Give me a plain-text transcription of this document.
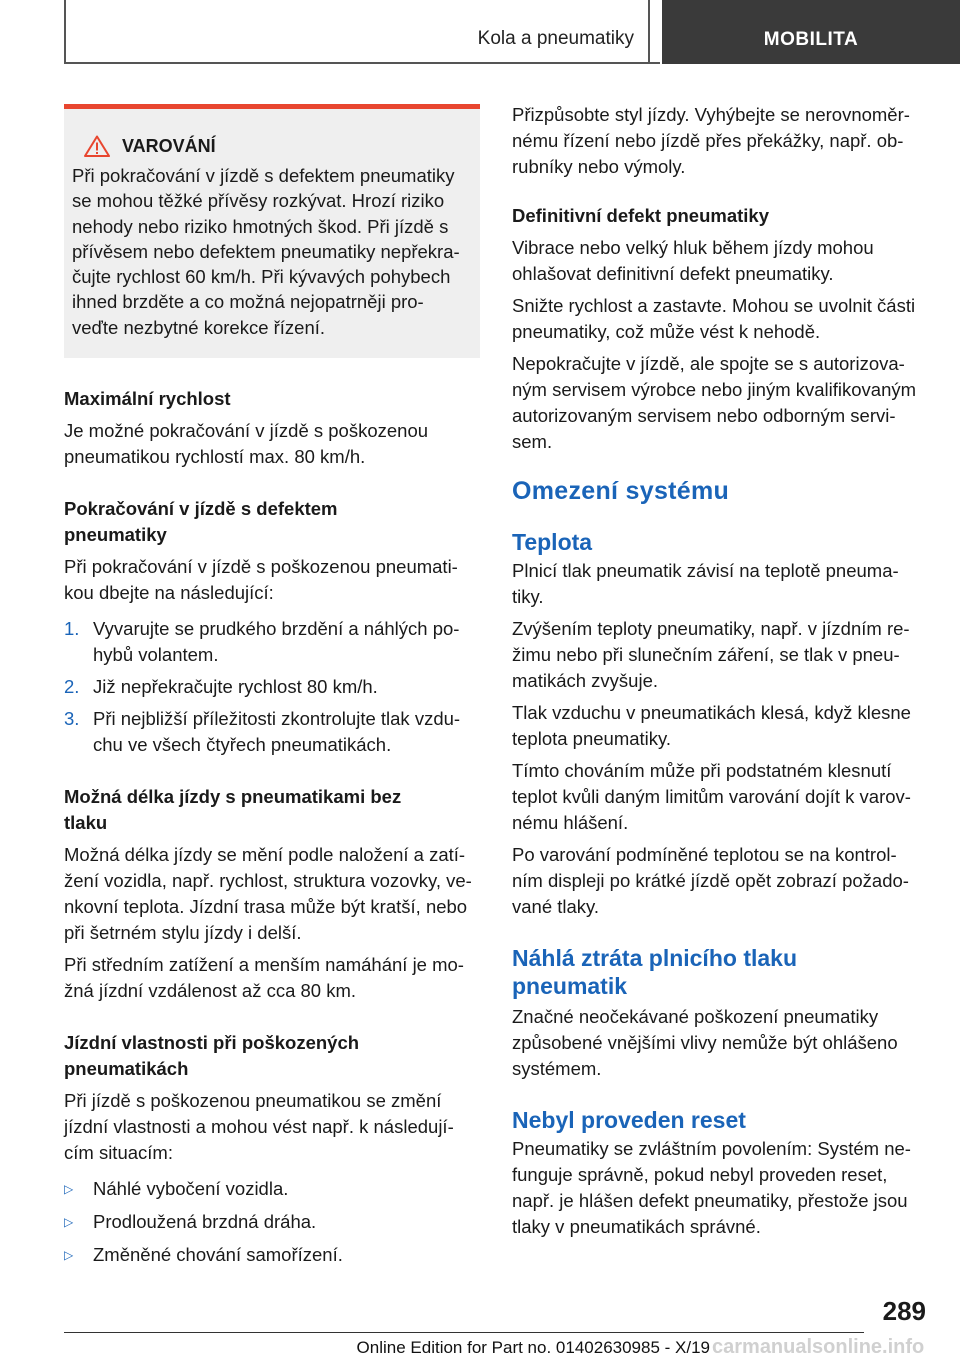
Kola a pneumatiky	MOBILITA
VAROVÁNÍ

Při pokračování v jízdě s defektem pneumatiky
se mohou těžké přívěsy rozkývat. Hrozí riziko
nehody nebo riziko hmotných škod. Při jízdě s
přívěsem nebo defektem pneumatiky nepřekra‐
čujte rychlost 60 km/h. Při kývavých pohybech
ihned brzděte a co možná nejopatrněji pro‐
veďte nezbytné korekce řízení.

Maximální rychlost

Je možné pokračování v jízdě s poškozenou
pneumatikou rychlostí max. 80 km/h.

Pokračování v jízdě s defektem
pneumatiky

Při pokračování v jízdě s poškozenou pneumati‐
kou dbejte na následující:

1. Vyvarujte se prudkého brzdění a náhlých po‐
hybů volantem.
2. Již nepřekračujte rychlost 80 km/h.
3. Při nejbližší příležitosti zkontrolujte tlak vzdu‐
chu ve všech čtyřech pneumatikách.
Možná délka jízdy s pneumatikami bez
tlaku

Možná délka jízdy se mění podle naložení a zatí‐
žení vozidla, např. rychlost, struktura vozovky, ve‐
nkovní teplota. Jízdní trasa může být kratší, nebo
při šetrném stylu jízdy i delší.

Při středním zatížení a menším namáhání je mo‐
žná jízdní vzdálenost až cca 80 km.

Jízdní vlastnosti při poškozených
pneumatikách

Při jízdě s poškozenou pneumatikou se změní
jízdní vlastnosti a mohou vést např. k následují‐
cím situacím:

▷	Náhlé vybočení vozidla.
▷	Prodloužená brzdná dráha.
▷	Změněné chování samořízení.

Přizpůsobte styl jízdy. Vyhýbejte se nerovnoměr‐
nému řízení nebo jízdě přes překážky, např. ob‐
rubníky nebo výmoly.

Definitivní defekt pneumatiky

Vibrace nebo velký hluk během jízdy mohou
ohlašovat definitivní defekt pneumatiky.

Snižte rychlost a zastavte. Mohou se uvolnit části
pneumatiky, což může vést k nehodě.

Nepokračujte v jízdě, ale spojte se s autorizova‐
ným servisem výrobce nebo jiným kvalifikovaným
autorizovaným servisem nebo odborným servi‐
sem.

Omezení systému
Teplota

Plnicí tlak pneumatik závisí na teplotě pneuma‐
tiky.

Zvýšením teploty pneumatiky, např. v jízdním re‐
žimu nebo při slunečním záření, se tlak v pneu‐
matikách zvyšuje.

Tlak vzduchu v pneumatikách klesá, když klesne
teplota pneumatiky.

Tímto chováním může při podstatném klesnutí
teplot kvůli daným limitům varování dojít k varov‐
nému hlášení.

Po varování podmíněné teplotou se na kontrol‐
ním displeji po krátké jízdě opět zobrazí požado‐
vané tlaky.

Náhlá ztráta plnicího tlaku
pneumatik

Značné neočekávané poškození pneumatiky
způsobené vnějšími vlivy nemůže být ohlášeno
systémem.

Nebyl proveden reset

Pneumatiky se zvláštním povolením: Systém ne‐
funguje správně, pokud nebyl proveden reset,
např. je hlášen defekt pneumatiky, přestože jsou
tlaky v pneumatikách správné.

289
Online Edition for Part no. 01402630985 - X/19 carmanualsonline.info
